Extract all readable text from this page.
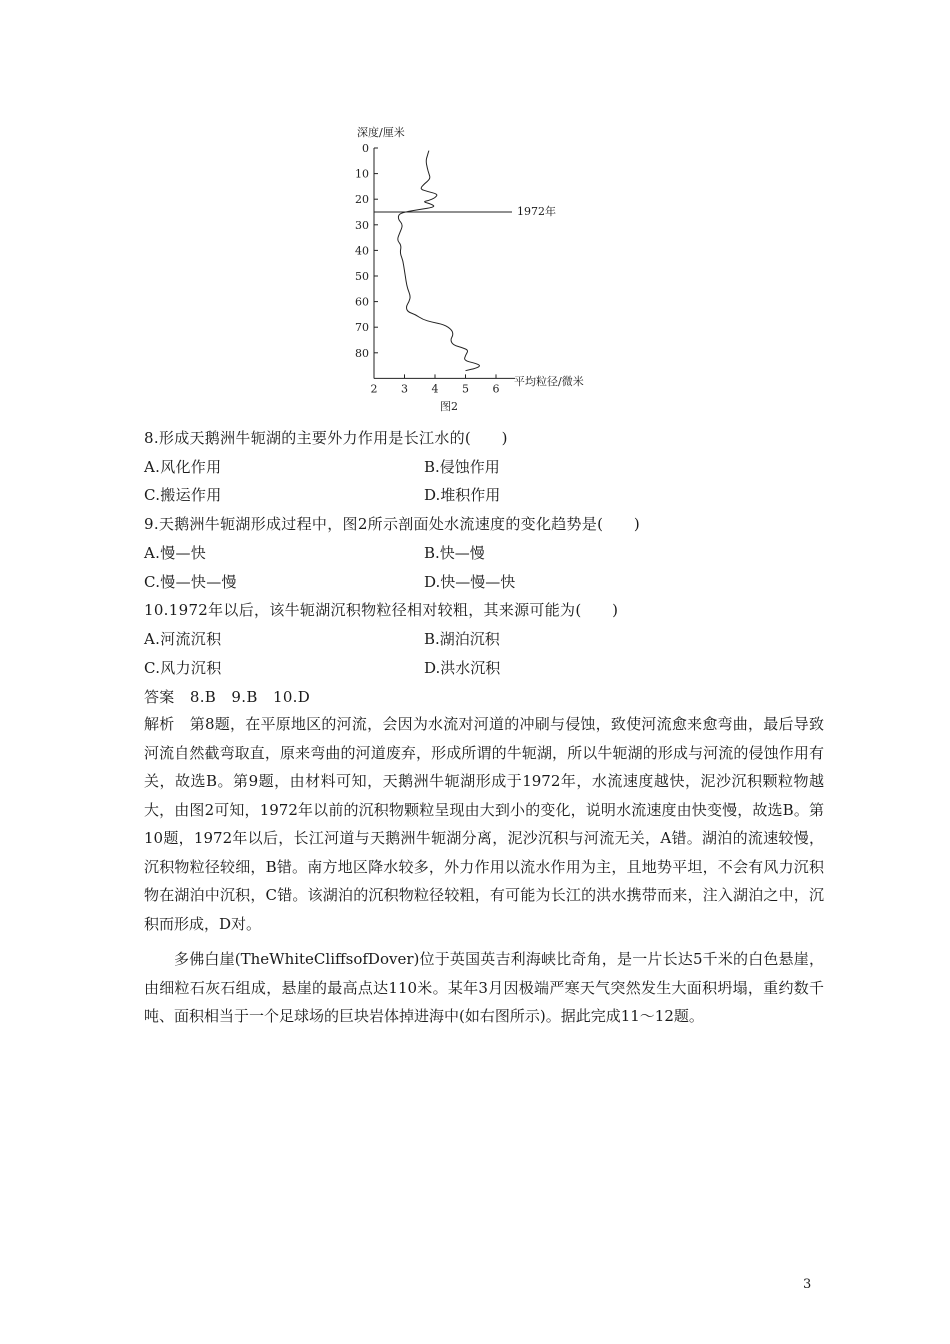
0
10
20
30
40
50
60
70
80
2 3 4 5 6
深度/厘米
平均粒径/微米
图2
1972年
8.形成天鹅洲牛轭湖的主要外力作用是长江水的(　　)
A.风化作用	B.侵蚀作用
C.搬运作用	D.堆积作用
9.天鹅洲牛轭湖形成过程中，图2所示剖面处水流速度的变化趋势是(　　)
A.慢—快	B.快—慢
C.慢—快—慢	D.快—慢—快
10.1972年以后，该牛轭湖沉积物粒径相对较粗，其来源可能为(　　)
A.河流沉积	B.湖泊沉积
C.风力沉积	D.洪水沉积
答案　8.B　9.B　10.D

解析　第8题，在平原地区的河流，会因为水流对河道的冲刷与侵蚀，致使河流愈来愈弯曲，最后导致河流自然截弯取直，原来弯曲的河道废弃，形成所谓的牛轭湖，所以牛轭湖的形成与河流的侵蚀作用有关，故选B。第9题，由材料可知，天鹅洲牛轭湖形成于1972年，水流速度越快，泥沙沉积颗粒物越大，由图2可知，1972年以前的沉积物颗粒呈现由大到小的变化，说明水流速度由快变慢，故选B。第10题，1972年以后，长江河道与天鹅洲牛轭湖分离，泥沙沉积与河流无关，A错。湖泊的流速较慢，沉积物粒径较细，B错。南方地区降水较多，外力作用以流水作用为主，且地势平坦，不会有风力沉积物在湖泊中沉积，C错。该湖泊的沉积物粒径较粗，有可能为长江的洪水携带而来，注入湖泊之中，沉积而形成，D对。

多佛白崖(TheWhiteCliffsofDover)位于英国英吉利海峡比奇角，是一片长达5千米的白色悬崖，由细粒石灰石组成，悬崖的最高点达110米。某年3月因极端严寒天气突然发生大面积坍塌，重约数千吨、面积相当于一个足球场的巨块岩体掉进海中(如右图所示)。据此完成11～12题。

3
